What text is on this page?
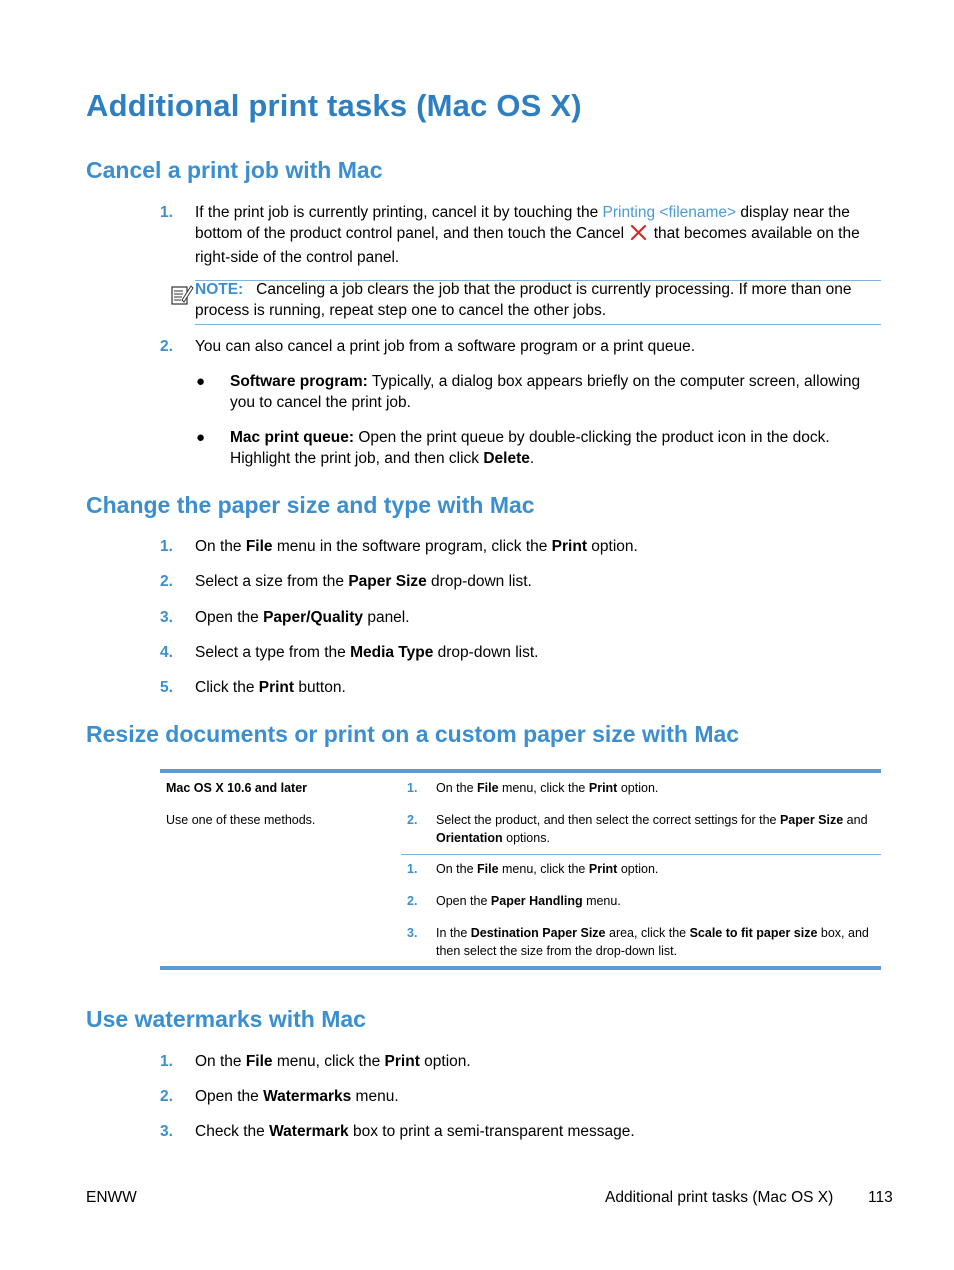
Additional print tasks (Mac OS X)
Cancel a print job with Mac
1. If the print job is currently printing, cancel it by touching the Printing <filename> display near the bottom of the product control panel, and then touch the Cancel  that becomes available on the right-side of the control panel.
NOTE: Canceling a job clears the job that the product is currently processing. If more than one process is running, repeat step one to cancel the other jobs.
2. You can also cancel a print job from a software program or a print queue.
● Software program: Typically, a dialog box appears briefly on the computer screen, allowing you to cancel the print job.
● Mac print queue: Open the print queue by double-clicking the product icon in the dock. Highlight the print job, and then click Delete.
Change the paper size and type with Mac
1. On the File menu in the software program, click the Print option.
2. Select a size from the Paper Size drop-down list.
3. Open the Paper/Quality panel.
4. Select a type from the Media Type drop-down list.
5. Click the Print button.
Resize documents or print on a custom paper size with Mac
Mac OS X 10.6 and later
Use one of these methods.
1. On the File menu, click the Print option.
2. Select the product, and then select the correct settings for the Paper Size and Orientation options.
1. On the File menu, click the Print option.
2. Open the Paper Handling menu.
3. In the Destination Paper Size area, click the Scale to fit paper size box, and then select the size from the drop-down list.
Use watermarks with Mac
1. On the File menu, click the Print option.
2. Open the Watermarks menu.
3. Check the Watermark box to print a semi-transparent message.
ENWW	Additional print tasks (Mac OS X) 113
